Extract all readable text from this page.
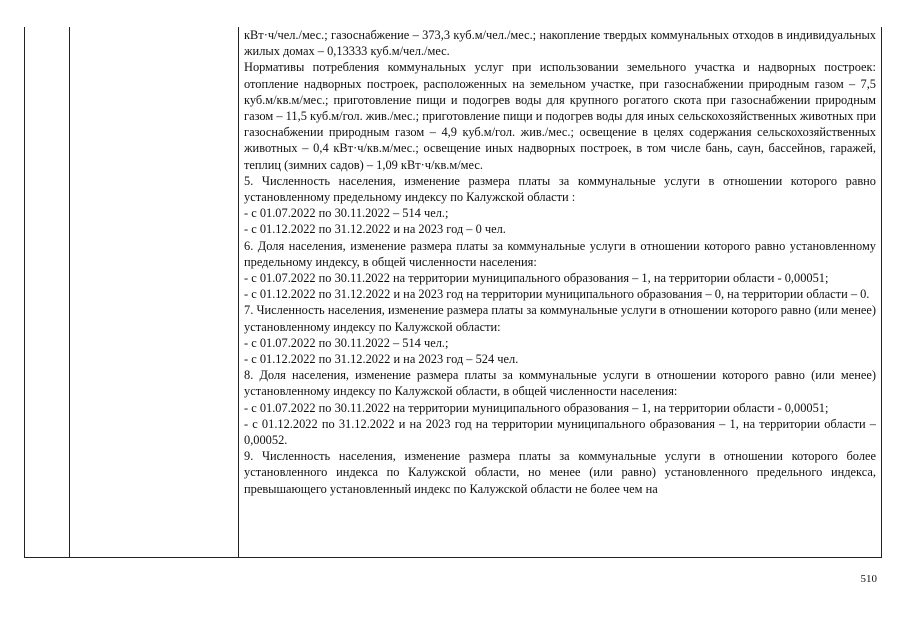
кВт·ч/чел./мес.; газоснабжение – 373,3 куб.м/чел./мес.; накопление твердых коммунальных отходов в индивидуальных жилых домах – 0,13333 куб.м/чел./мес.

Нормативы потребления коммунальных услуг при использовании земельного участка и надворных построек: отопление надворных построек, расположенных на земельном участке, при газоснабжении природным газом – 7,5 куб.м/кв.м/мес.; приготовление пищи и подогрев воды для крупного рогатого скота при газоснабжении природным газом – 11,5 куб.м/гол. жив./мес.; приготовление пищи и подогрев воды для иных сельскохозяйственных животных при газоснабжении природным газом – 4,9 куб.м/гол. жив./мес.; освещение в целях содержания сельскохозяйственных животных – 0,4 кВт·ч/кв.м/мес.; освещение иных надворных построек, в том числе бань, саун, бассейнов, гаражей, теплиц (зимних садов) – 1,09 кВт·ч/кв.м/мес.

5. Численность населения, изменение размера платы за коммунальные услуги в отношении которого равно установленному предельному индексу по Калужской области :

- с 01.07.2022 по 30.11.2022 – 514 чел.;

- с 01.12.2022 по 31.12.2022 и на 2023 год – 0 чел.

6. Доля населения, изменение размера платы за коммунальные услуги в отношении которого равно установленному предельному индексу, в общей численности населения:

- с 01.07.2022 по 30.11.2022 на территории муниципального образования – 1, на территории области - 0,00051;

- с 01.12.2022 по 31.12.2022 и на 2023 год на территории муниципального образования – 0, на территории области – 0.

7. Численность населения, изменение размера платы за коммунальные услуги в отношении которого равно (или менее) установленному индексу по Калужской области:

- с 01.07.2022 по 30.11.2022 – 514 чел.;

- с 01.12.2022 по 31.12.2022 и на 2023 год – 524 чел.

8. Доля населения, изменение размера платы за коммунальные услуги в отношении которого равно (или менее) установленному индексу по Калужской области, в общей численности населения:

- с 01.07.2022 по 30.11.2022 на территории муниципального образования – 1, на территории области - 0,00051;

- с 01.12.2022 по 31.12.2022 и на 2023 год на территории муниципального образования – 1, на территории области – 0,00052.

9. Численность населения, изменение размера платы за коммунальные услуги в отношении которого более установленного индекса по Калужской области, но менее (или равно) установленного предельного индекса, превышающего установленный индекс по Калужской области не более чем на

510
